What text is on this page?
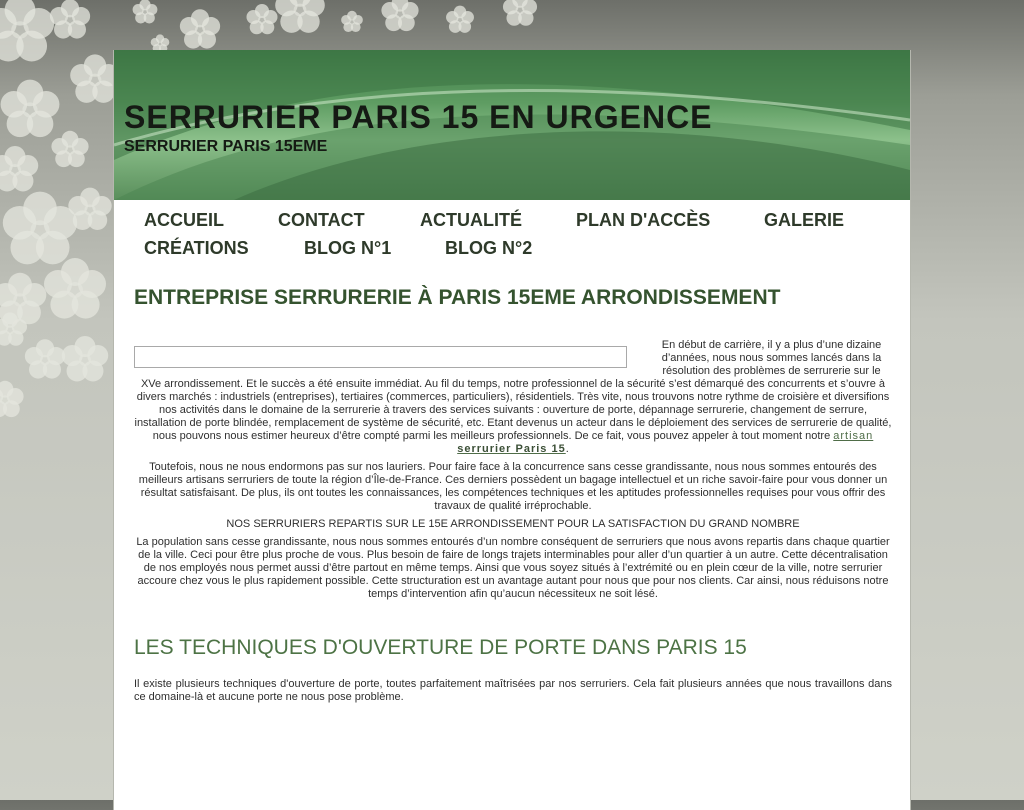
SERRURIER PARIS 15 EN URGENCE
SERRURIER PARIS 15EME
ACCUEIL	CONTACT	ACTUALITÉ	PLAN D'ACCÈS	GALERIE
CRÉATIONS	BLOG N°1	BLOG N°2
ENTREPRISE SERRURERIE À PARIS 15EME ARRONDISSEMENT

En début de carrière, il y a plus d’une dizaine d’années, nous nous sommes lancés dans la résolution des problèmes de serrurerie sur le XVe arrondissement. Et le succès a été ensuite immédiat. Au fil du temps, notre professionnel de la sécurité s’est démarqué des concurrents et s’ouvre à divers marchés : industriels (entreprises), tertiaires (commerces, particuliers), résidentiels. Très vite, nous trouvons notre rythme de croisière et diversifions nos activités dans le domaine de la serrurerie à travers des services suivants : ouverture de porte, dépannage serrurerie, changement de serrure, installation de porte blindée, remplacement de système de sécurité, etc. Etant devenus un acteur dans le déploiement des services de serrurerie de qualité, nous pouvons nous estimer heureux d’être compté parmi les meilleurs professionnels. De ce fait, vous pouvez appeler à tout moment notre artisan serrurier Paris 15.

Toutefois, nous ne nous endormons pas sur nos lauriers. Pour faire face à la concurrence sans cesse grandissante, nous nous sommes entourés des meilleurs artisans serruriers de toute la région d’Île-de-France. Ces derniers possèdent un bagage intellectuel et un riche savoir-faire pour vous donner un résultat satisfaisant. De plus, ils ont toutes les connaissances, les compétences techniques et les aptitudes professionnelles requises pour vous offrir des travaux de qualité irréprochable.

NOS SERRURIERS REPARTIS SUR LE 15E ARRONDISSEMENT POUR LA SATISFACTION DU GRAND NOMBRE

La population sans cesse grandissante, nous nous sommes entourés d’un nombre conséquent de serruriers que nous avons repartis dans chaque quartier de la ville. Ceci pour être plus proche de vous. Plus besoin de faire de longs trajets interminables pour aller d’un quartier à un autre. Cette décentralisation de nos employés nous permet aussi d’être partout en même temps. Ainsi que vous soyez situés à l’extrémité ou en plein cœur de la ville, notre serrurier accoure chez vous le plus rapidement possible. Cette structuration est un avantage autant pour nous que pour nos clients. Car ainsi, nous réduisons notre temps d’intervention afin qu’aucun nécessiteux ne soit lésé.

LES TECHNIQUES D'OUVERTURE DE PORTE DANS PARIS 15

Il existe plusieurs techniques d'ouverture de porte, toutes parfaitement maîtrisées par nos serruriers. Cela fait plusieurs années que nous travaillons dans ce domaine-là et aucune porte ne nous pose problème.
